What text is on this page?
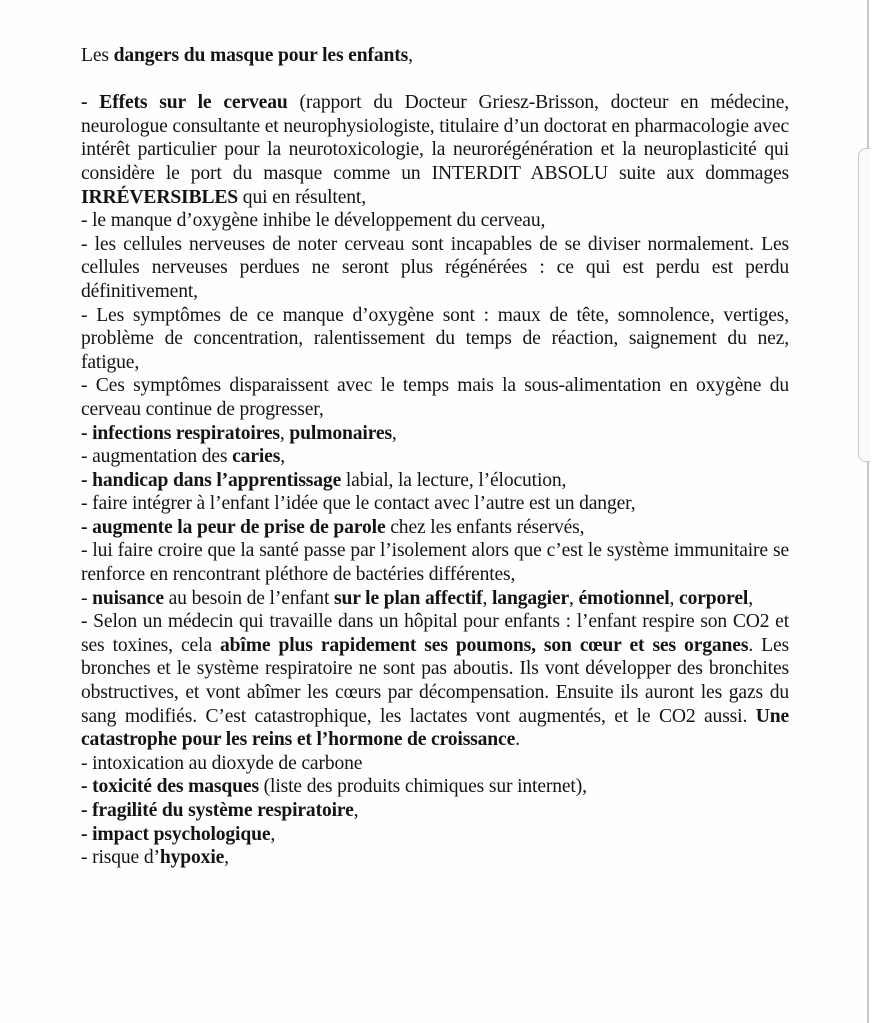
Les dangers du masque pour les enfants,

- Effets sur le cerveau (rapport du Docteur Griesz-Brisson, docteur en médecine, neurologue consultante et neurophysiologiste, titulaire d’un doctorat en pharmacologie avec intérêt particulier pour la neurotoxicologie, la neurorégénération et la neuroplasticité qui considère le port du masque comme un INTERDIT ABSOLU suite aux dommages IRRÉVERSIBLES qui en résultent,

- le manque d’oxygène inhibe le développement du cerveau,

- les cellules nerveuses de noter cerveau sont incapables de se diviser normalement. Les cellules nerveuses perdues ne seront plus régénérées : ce qui est perdu est perdu définitivement,

- Les symptômes de ce manque d’oxygène sont : maux de tête, somnolence, vertiges, problème de concentration, ralentissement du temps de réaction, saignement du nez, fatigue,

- Ces symptômes disparaissent avec le temps mais la sous-alimentation en oxygène du cerveau continue de progresser,

- infections respiratoires, pulmonaires,

- augmentation des caries,

- handicap dans l’apprentissage labial, la lecture, l’élocution,

- faire intégrer à l’enfant l’idée que le contact avec l’autre est un danger,

- augmente la peur de prise de parole chez les enfants réservés,

- lui faire croire que la santé passe par l’isolement alors que c’est le système immunitaire se renforce en rencontrant pléthore de bactéries différentes,

- nuisance au besoin de l’enfant sur le plan affectif, langagier, émotionnel, corporel,

- Selon un médecin qui travaille dans un hôpital pour enfants : l’enfant respire son CO2 et ses toxines, cela abîme plus rapidement ses poumons, son cœur et ses organes. Les bronches et le système respiratoire ne sont pas aboutis. Ils vont développer des bronchites obstructives, et vont abîmer les cœurs par décompensation. Ensuite ils auront les gazs du sang modifiés. C’est catastrophique, les lactates vont augmentés, et le CO2 aussi. Une catastrophe pour les reins et l’hormone de croissance.

- intoxication au dioxyde de carbone

- toxicité des masques (liste des produits chimiques sur internet),

- fragilité du système respiratoire,

- impact psychologique,

- risque d’hypoxie,
